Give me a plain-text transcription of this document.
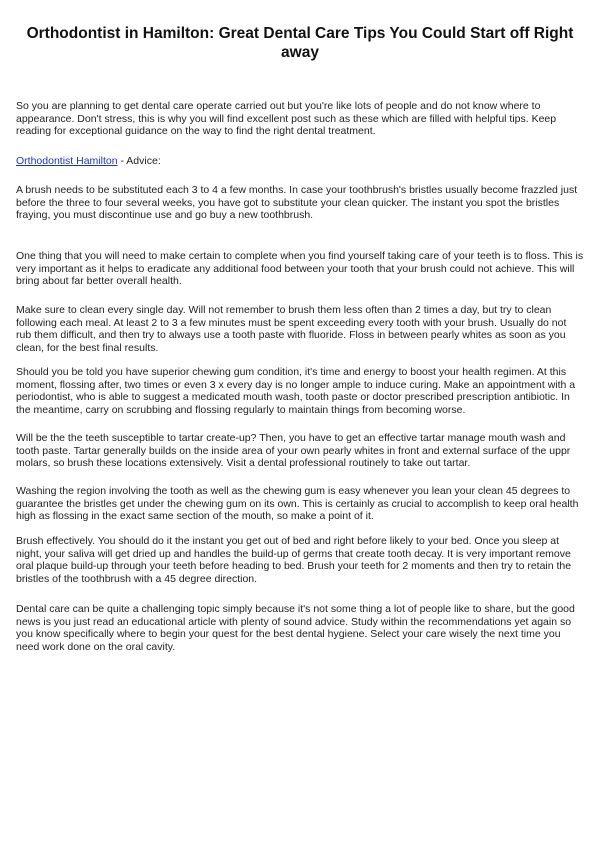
Orthodontist in Hamilton: Great Dental Care Tips You Could Start off Right away

So you are planning to get dental care operate carried out but you're like lots of people and do not know where to appearance. Don't stress, this is why you will find excellent post such as these which are filled with helpful tips. Keep reading for exceptional guidance on the way to find the right dental treatment.

Orthodontist Hamilton - Advice:

A brush needs to be substituted each 3 to 4 a few months. In case your toothbrush's bristles usually become frazzled just before the three to four several weeks, you have got to substitute your clean quicker. The instant you spot the bristles fraying, you must discontinue use and go buy a new toothbrush.

One thing that you will need to make certain to complete when you find yourself taking care of your teeth is to floss. This is very important as it helps to eradicate any additional food between your tooth that your brush could not achieve. This will bring about far better overall health.

Make sure to clean every single day. Will not remember to brush them less often than 2 times a day, but try to clean following each meal. At least 2 to 3 a few minutes must be spent exceeding every tooth with your brush. Usually do not rub them difficult, and then try to always use a tooth paste with fluoride. Floss in between pearly whites as soon as you clean, for the best final results.

Should you be told you have superior chewing gum condition, it's time and energy to boost your health regimen. At this moment, flossing after, two times or even 3 x every day is no longer ample to induce curing. Make an appointment with a periodontist, who is able to suggest a medicated mouth wash, tooth paste or doctor prescribed prescription antibiotic. In the meantime, carry on scrubbing and flossing regularly to maintain things from becoming worse.

Will be the the teeth susceptible to tartar create-up? Then, you have to get an effective tartar manage mouth wash and tooth paste. Tartar generally builds on the inside area of your own pearly whites in front and external surface of the uppr molars, so brush these locations extensively. Visit a dental professional routinely to take out tartar.

Washing the region involving the tooth as well as the chewing gum is easy whenever you lean your clean 45 degrees to guarantee the bristles get under the chewing gum on its own. This is certainly as crucial to accomplish to keep oral health high as flossing in the exact same section of the mouth, so make a point of it.

Brush effectively. You should do it the instant you get out of bed and right before likely to your bed. Once you sleep at night, your saliva will get dried up and handles the build-up of germs that create tooth decay. It is very important remove oral plaque build-up through your teeth before heading to bed. Brush your teeth for 2 moments and then try to retain the bristles of the toothbrush with a 45 degree direction.

Dental care can be quite a challenging topic simply because it's not some thing a lot of people like to share, but the good news is you just read an educational article with plenty of sound advice. Study within the recommendations yet again so you know specifically where to begin your quest for the best dental hygiene. Select your care wisely the next time you need work done on the oral cavity.
